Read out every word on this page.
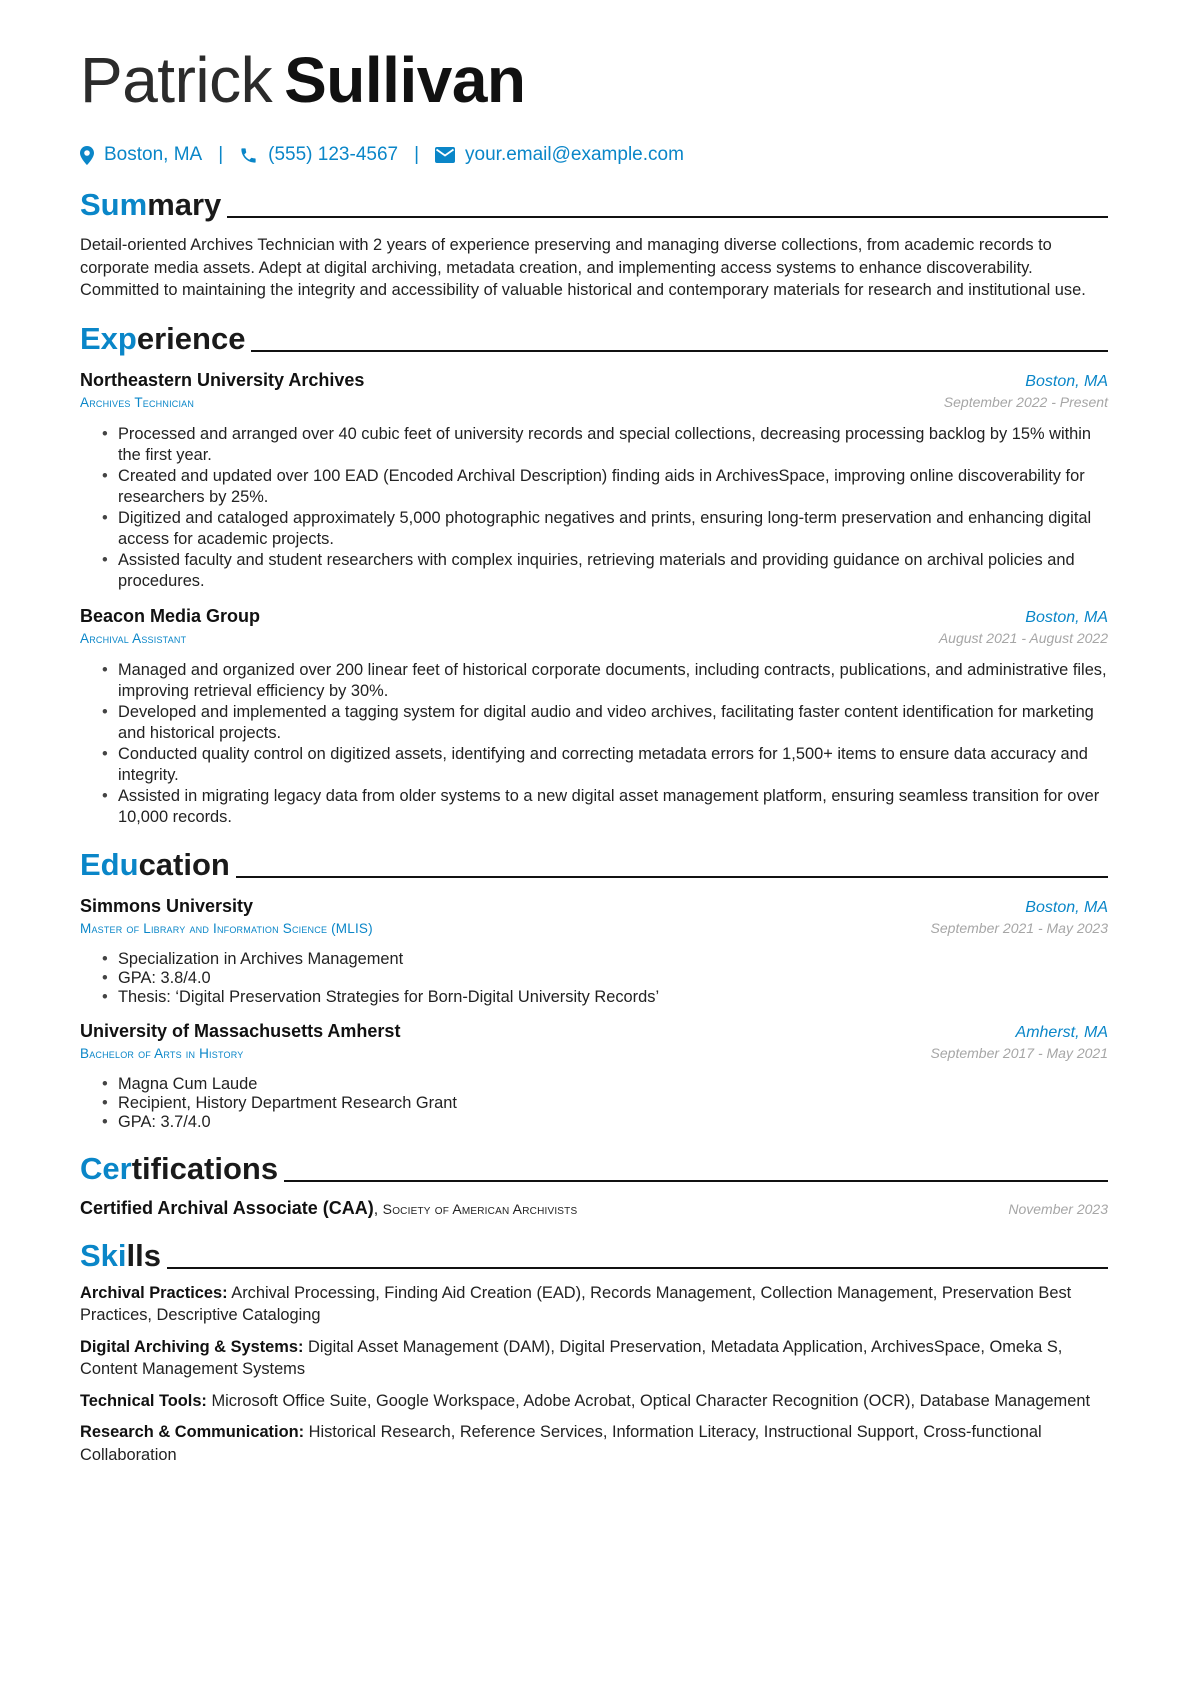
Patrick Sullivan
Boston, MA | (555) 123-4567 | your.email@example.com
Summary

Detail-oriented Archives Technician with 2 years of experience preserving and managing diverse collections, from academic records to corporate media assets. Adept at digital archiving, metadata creation, and implementing access systems to enhance discoverability. Committed to maintaining the integrity and accessibility of valuable historical and contemporary materials for research and institutional use.

Experience
Northeastern University Archives	Boston, MA
Archives Technician	September 2022 - Present
• Processed and arranged over 40 cubic feet of university records and special collections, decreasing processing backlog by 15% within the first year.
• Created and updated over 100 EAD (Encoded Archival Description) finding aids in ArchivesSpace, improving online discoverability for researchers by 25%.
• Digitized and cataloged approximately 5,000 photographic negatives and prints, ensuring long-term preservation and enhancing digital access for academic projects.
• Assisted faculty and student researchers with complex inquiries, retrieving materials and providing guidance on archival policies and procedures.
Beacon Media Group	Boston, MA
Archival Assistant	August 2021 - August 2022
• Managed and organized over 200 linear feet of historical corporate documents, including contracts, publications, and administrative files, improving retrieval efficiency by 30%.
• Developed and implemented a tagging system for digital audio and video archives, facilitating faster content identification for marketing and historical projects.
• Conducted quality control on digitized assets, identifying and correcting metadata errors for 1,500+ items to ensure data accuracy and integrity.
• Assisted in migrating legacy data from older systems to a new digital asset management platform, ensuring seamless transition for over 10,000 records.
Education
Simmons University	Boston, MA
Master of Library and Information Science (MLIS)	September 2021 - May 2023
• Specialization in Archives Management
• GPA: 3.8/4.0
• Thesis: ‘Digital Preservation Strategies for Born-Digital University Records’
University of Massachusetts Amherst	Amherst, MA
Bachelor of Arts in History	September 2017 - May 2021
• Magna Cum Laude
• Recipient, History Department Research Grant
• GPA: 3.7/4.0
Certifications
Certified Archival Associate (CAA), Society of American Archivists	November 2023
Skills
Archival Practices: Archival Processing, Finding Aid Creation (EAD), Records Management, Collection Management, Preservation Best Practices, Descriptive Cataloging
Digital Archiving & Systems: Digital Asset Management (DAM), Digital Preservation, Metadata Application, ArchivesSpace, Omeka S, Content Management Systems
Technical Tools: Microsoft Office Suite, Google Workspace, Adobe Acrobat, Optical Character Recognition (OCR), Database Management
Research & Communication: Historical Research, Reference Services, Information Literacy, Instructional Support, Cross-functional Collaboration
